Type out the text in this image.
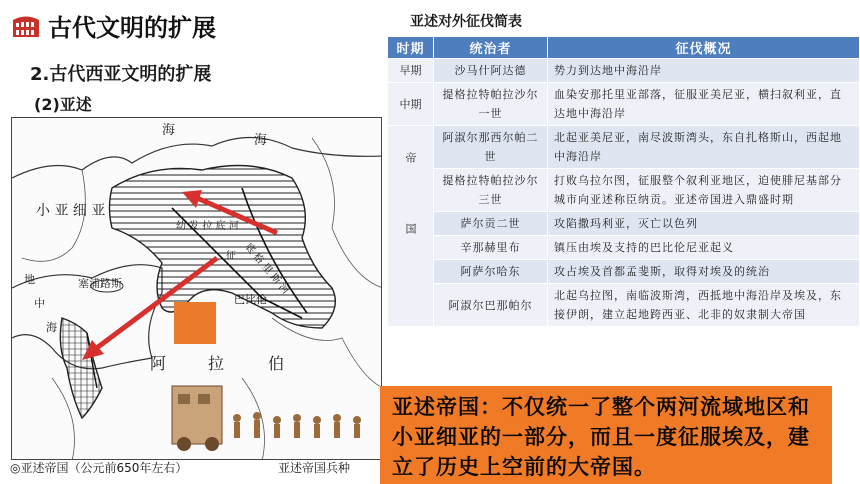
古代文明的扩展
2.古代西亚文明的扩展
(2)亚述
海
海
小 亚 细 亚
幼 发 拉 底 河
底 格 里 斯 河
征
塞浦路斯
巴比伦
地
中
海
阿	拉	伯
◎亚述帝国（公元前650年左右）	亚述帝国兵种
亚述对外征伐简表
时期	统治者	征伐概况
早期	沙马什阿达德	势力到达地中海沿岸
中期	提格拉特帕拉沙尔一世	血染安那托里亚部落，征服亚美尼亚，横扫叙利亚，直达地中海沿岸
帝国	阿淑尔那西尔帕二世	北起亚美尼亚，南尽波斯湾头，东自扎格斯山，西起地中海沿岸
	提格拉特帕拉沙尔三世	打败乌拉尔图，征服整个叙利亚地区，迫使腓尼基部分城市向亚述称臣纳贡。亚述帝国进入鼎盛时期
	萨尔贡二世	攻陷撒玛利亚，灭亡以色列
	辛那赫里布	镇压由埃及支持的巴比伦尼亚起义
	阿萨尔哈东	攻占埃及首都孟斐斯，取得对埃及的统治
	阿淑尔巴那帕尔	北起乌拉图，南临波斯湾，西抵地中海沿岸及埃及，东接伊朗，建立起地跨西亚、北非的奴隶制大帝国
亚述帝国：不仅统一了整个两河流域地区和小亚细亚的一部分，而且一度征服埃及，建立了历史上空前的大帝国。
